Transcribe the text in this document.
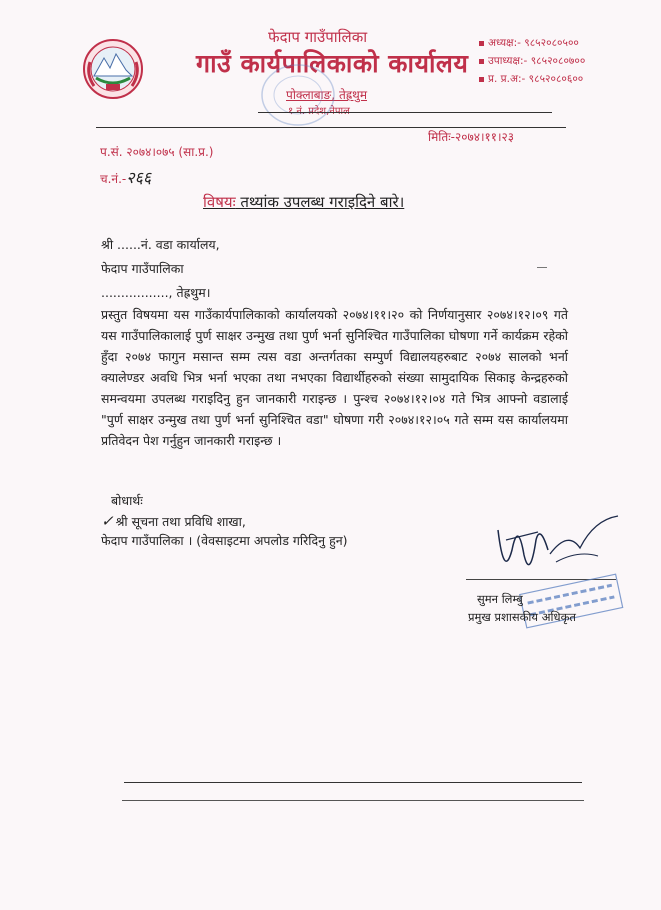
फेदाप गाउँपालिका
गाउँ कार्यपालिकाको कार्यालय
पोक्लाबाङ, तेह्रथुम
अध्यक्ष:- ९८५२०८०५००
उपाध्यक्ष:- ९८५२०८०७००
प्र. प्र.अ:- ९८५२०८०६००
प.सं. २०७४।०७५ (सा.प्र.)
मितिः-२०७४।११।२३
च.नं.-२६६
विषयः तथ्यांक उपलब्ध गराइदिने बारे।
श्री ......नं. वडा कार्यालय,
फेदाप गाउँपालिका
................., तेह्रथुम।
प्रस्तुत विषयमा यस गाउँकार्यपालिकाको कार्यालयको २०७४।११।२० को निर्णयानुसार २०७४।१२।०९ गते यस गाउँपालिकालाई पुर्ण साक्षर उन्मुख तथा पुर्ण भर्ना सुनिश्चित गाउँपालिका घोषणा गर्ने कार्यक्रम रहेको हुँदा २०७४ फागुन मसान्त सम्म त्यस वडा अन्तर्गतका सम्पुर्ण विद्यालयहरुबाट २०७४ सालको भर्ना क्यालेण्डर अवधि भित्र भर्ना भएका तथा नभएका विद्यार्थीहरुको संख्या सामुदायिक सिकाइ केन्द्रहरुको समन्वयमा उपलब्ध गराइदिनु हुन जानकारी गराइन्छ । पुन्श्च २०७४।१२।०४ गते भित्र आफ्नो वडालाई "पुर्ण साक्षर उन्मुख तथा पुर्ण भर्ना सुनिश्चित वडा" घोषणा गरी २०७४।१२।०५ गते सम्म यस कार्यालयमा प्रतिवेदन पेश गर्नुहुन जानकारी गराइन्छ ।
बोधार्थः
✓ श्री सूचना तथा प्रविधि शाखा,
फेदाप गाउँपालिका । (वेवसाइटमा अपलोड गरिदिनु हुन)
सुमन लिम्बु
प्रमुख प्रशासकीय अधिकृत
